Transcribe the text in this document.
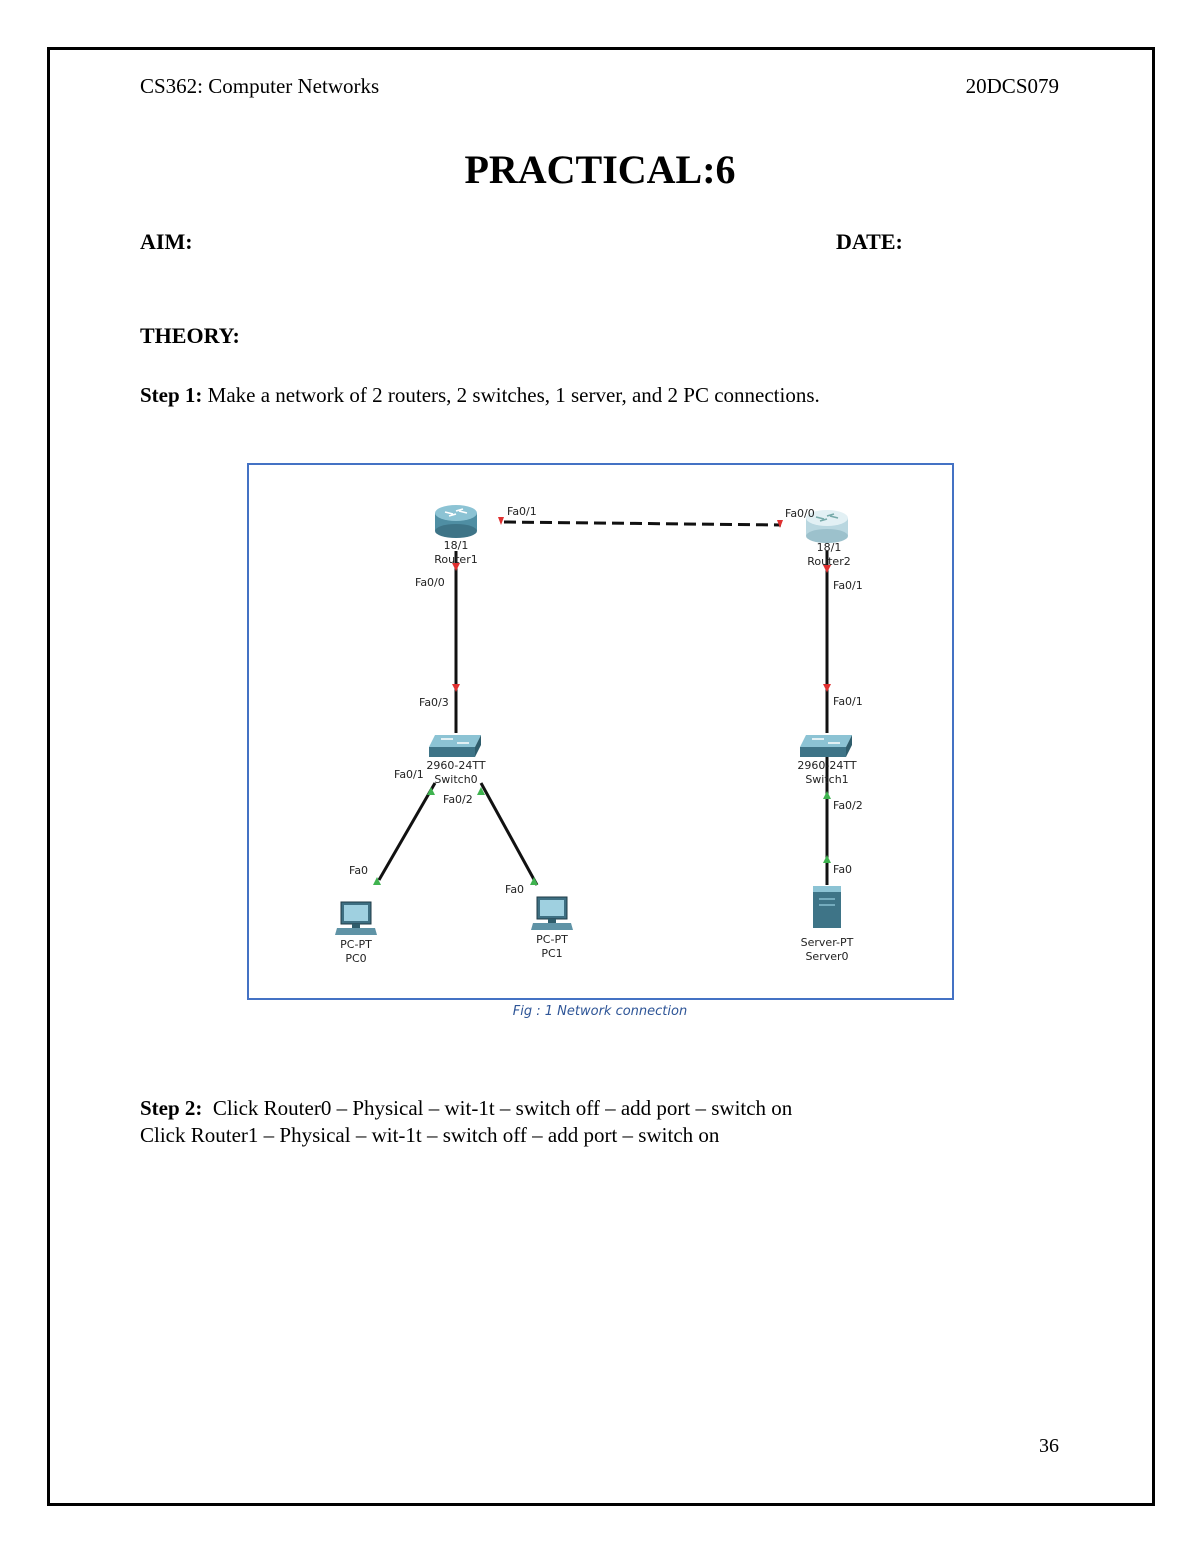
CS362: Computer Networks	20DCS079
PRACTICAL:6
AIM:	DATE:
THEORY:
Step 1: Make a network of 2 routers, 2 switches, 1 server, and 2 PC connections.
18/1
Router1
18/1
Router2
2960-24TT
Switch0
2960-24TT
Switch1
PC-PT
PC0
PC-PT
PC1
Server-PT
Server0
Fa0/1	Fa0/0
Fa0/0	Fa0/1
Fa0/3	Fa0/1
Fa0/1
Fa0/2	Fa0/2
Fa0
Fa0
Fa0
Fig : 1 Network connection
Step 2:  Click Router0 – Physical – wit-1t – switch off – add port – switch on
Click Router1 – Physical – wit-1t – switch off – add port – switch on
36
